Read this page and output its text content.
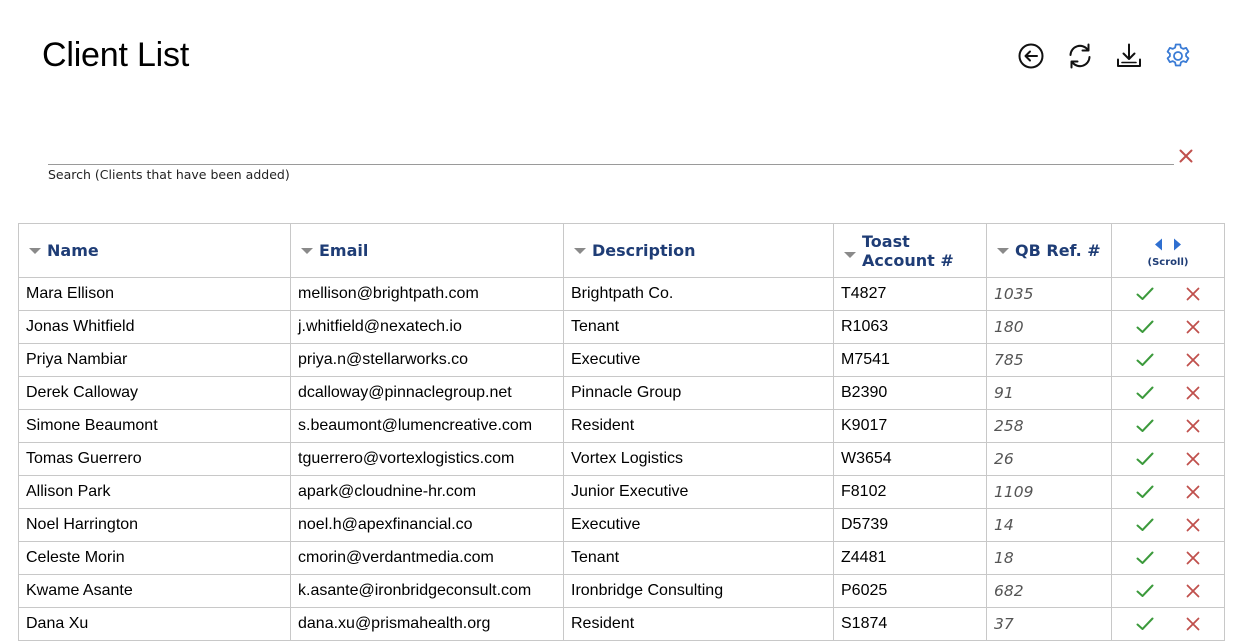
Client List
Search (Clients that have been added)
Name	Email	Description	Toast Account #	QB Ref. #	(Scroll)

Mara Ellison	mellison@brightpath.com	Brightpath Co.	T4827	1035	

Jonas Whitfield	j.whitfield@nexatech.io	Tenant	R1063	180	

Priya Nambiar	priya.n@stellarworks.co	Executive	M7541	785	

Derek Calloway	dcalloway@pinnaclegroup.net	Pinnacle Group	B2390	91	

Simone Beaumont	s.beaumont@lumencreative.com	Resident	K9017	258	

Tomas Guerrero	tguerrero@vortexlogistics.com	Vortex Logistics	W3654	26	

Allison Park	apark@cloudnine-hr.com	Junior Executive	F8102	1109	

Noel Harrington	noel.h@apexfinancial.co	Executive	D5739	14	

Celeste Morin	cmorin@verdantmedia.com	Tenant	Z4481	18	

Kwame Asante	k.asante@ironbridgeconsult.com	Ironbridge Consulting	P6025	682	

Dana Xu	dana.xu@prismahealth.org	Resident	S1874	37	
